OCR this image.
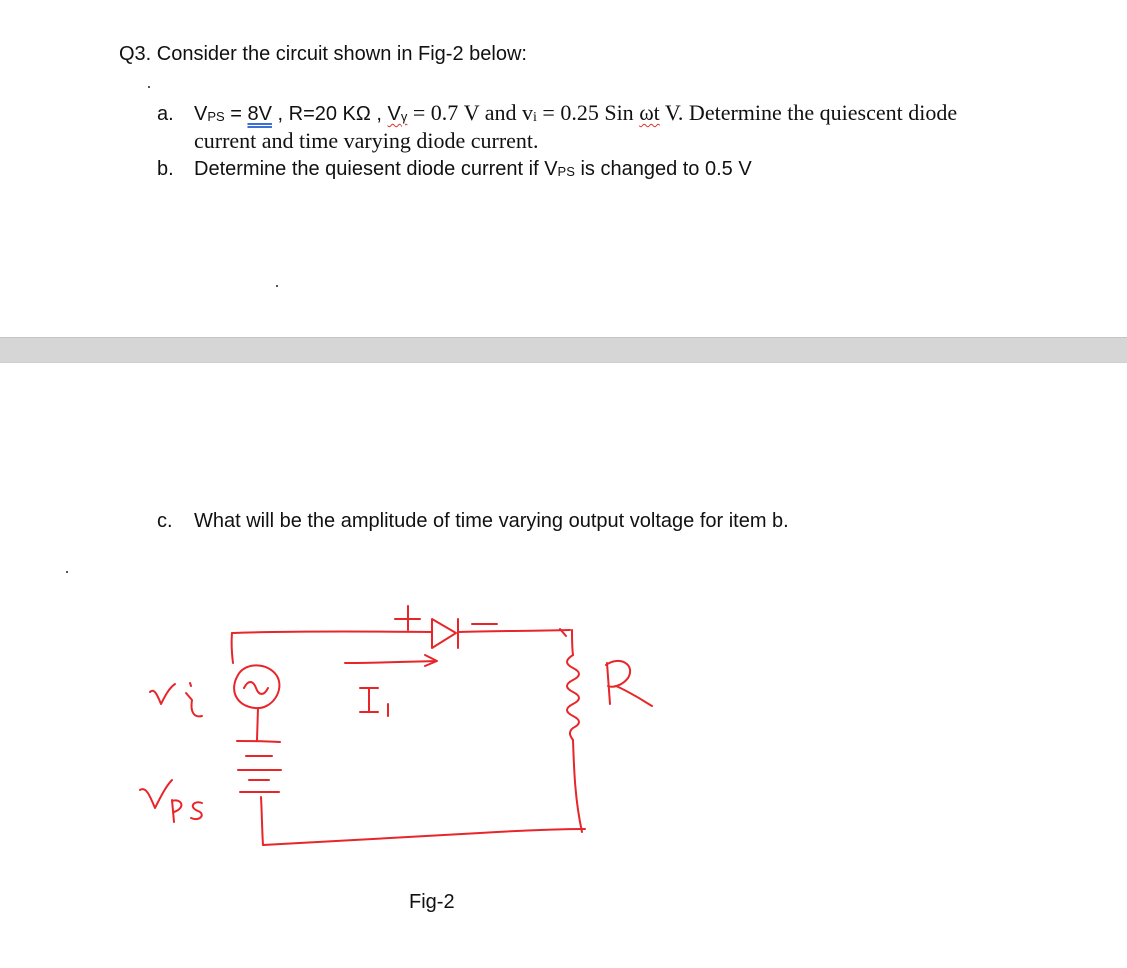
Q3. Consider the circuit shown in Fig-2 below:
a. VPS = 8V , R=20 KΩ , Vγ = 0.7 V and vi = 0.25 Sin ωt V. Determine the quiescent diode
current and time varying diode current.
b. Determine the quiesent diode current if VPS is changed to 0.5 V
c. What will be the amplitude of time varying output voltage for item b.
Fig-2
